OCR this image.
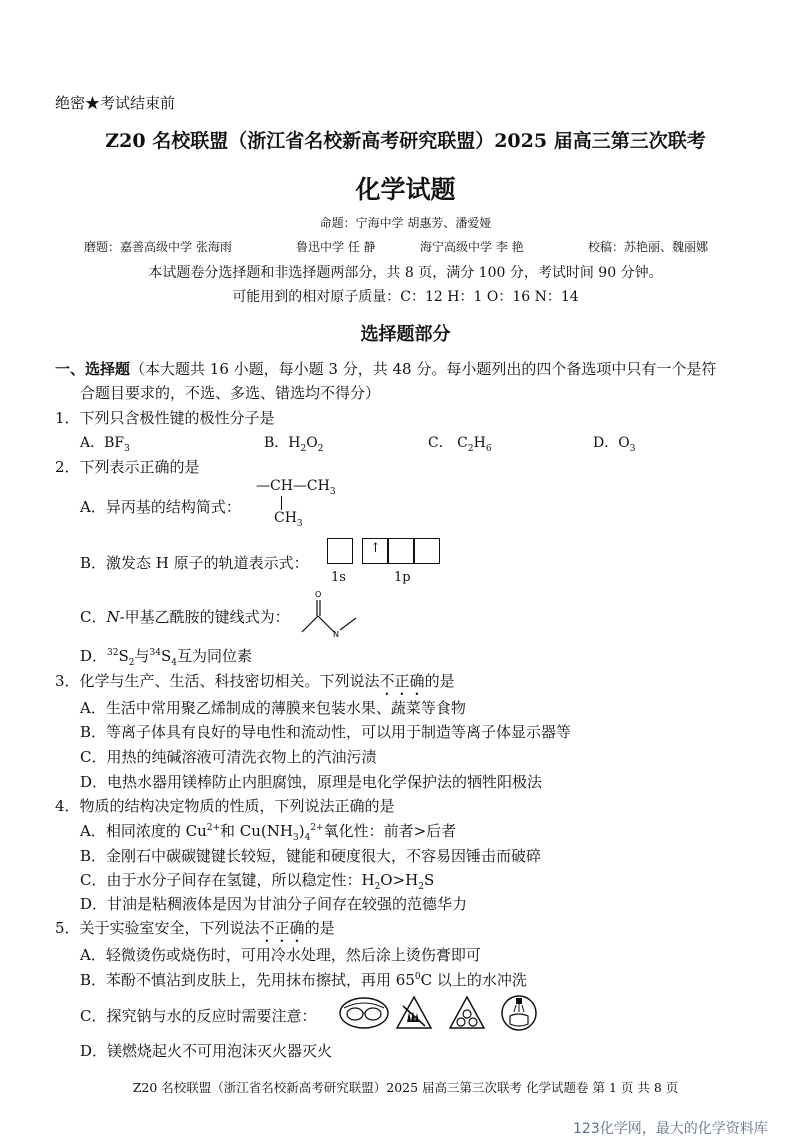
绝密★考试结束前
Z20 名校联盟（浙江省名校新高考研究联盟）2025 届高三第三次联考
化学试题
命题：宁海中学 胡惠芳、潘爱娅
磨题：嘉善高级中学 张海雨	鲁迅中学 任 静	海宁高级中学 李 艳	校稿：苏艳丽、魏丽娜
本试题卷分选择题和非选择题两部分，共 8 页，满分 100 分，考试时间 90 分钟。
可能用到的相对原子质量：C：12 H：1 O：16 N：14
选择题部分
一、选择题（本大题共 16 小题，每小题 3 分，共 48 分。每小题列出的四个备选项中只有一个是符
合题目要求的，不选、多选、错选均不得分）
1．下列只含极性键的极性分子是
A．$BF_3$	B．$H_2O_2$	C． $C_2H_6$	D．$O_3$
2．下列表示正确的是
A．异丙基的结构简式：
$—CH—CH_3$
$CH_3$
B．激发态 H 原子的轨道表示式：
↑
1s	1p
C．N-甲基乙酰胺的键线式为：
O
N
D．$^{32}S_2$与$^{34}S_4$互为同位素
3．化学与生产、生活、科技密切相关。下列说法不正确的是
A．生活中常用聚乙烯制成的薄膜来包装水果、蔬菜等食物
B．等离子体具有良好的导电性和流动性，可以用于制造等离子体显示器等
C．用热的纯碱溶液可清洗衣物上的汽油污渍
D．电热水器用镁棒防止内胆腐蚀，原理是电化学保护法的牺牲阳极法
4．物质的结构决定物质的性质，下列说法正确的是
A．相同浓度的 $Cu^{2+}$和 $Cu(NH_3)_4^{2+}$氧化性：前者>后者
B．金刚石中碳碳键键长较短，键能和硬度很大，不容易因锤击而破碎
C．由于水分子间存在氢键，所以稳定性：$H_2O>H_2S$
D．甘油是粘稠液体是因为甘油分子间存在较强的范德华力
5．关于实验室安全，下列说法不正确的是
A．轻微烫伤或烧伤时，可用冷水处理，然后涂上烫伤膏即可
B．苯酚不慎沾到皮肤上，先用抹布擦拭，再用 $65^0C$ 以上的水冲洗
C．探究钠与水的反应时需要注意：
D．镁燃烧起火不可用泡沫灭火器灭火
Z20 名校联盟（浙江省名校新高考研究联盟）2025 届高三第三次联考 化学试题卷 第 1 页 共 8 页
123化学网，最大的化学资料库
